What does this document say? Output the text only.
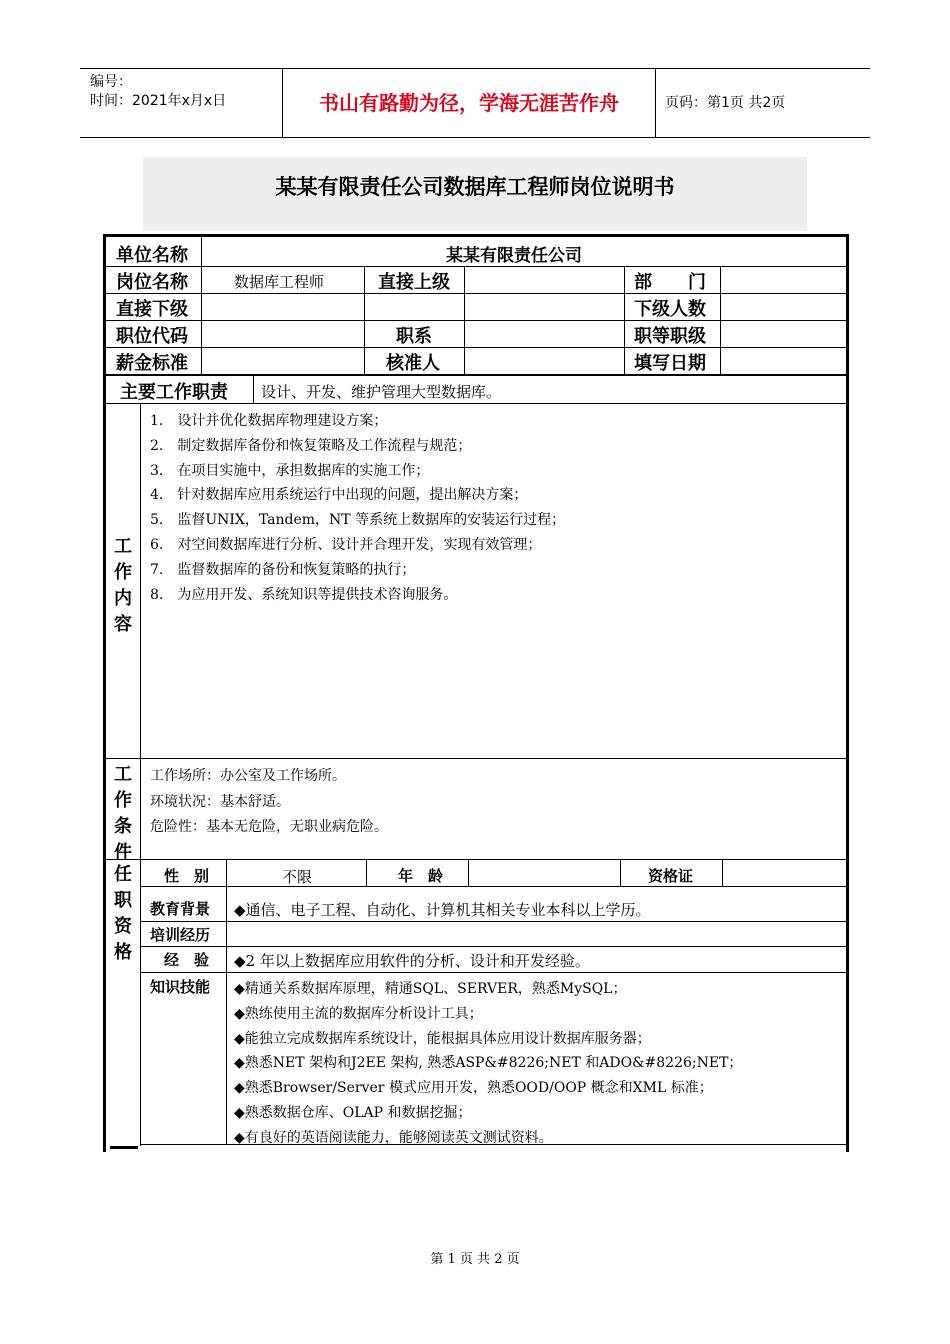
编号：
时间：2021年x月x日	书山有路勤为径，学海无涯苦作舟	页码：第1页 共2页
某某有限责任公司数据库工程师岗位说明书
单位名称	某某有限责任公司
岗位名称	数据库工程师	直接上级	部　　门
直接下级	下级人数
职位代码	职系	职等职级
薪金标准	核准人	填写日期
主要工作职责 设计、开发、维护管理大型数据库。
工
作
内
容
1.　设计并优化数据库物理建设方案；
2.　制定数据库备份和恢复策略及工作流程与规范；
3.　在项目实施中，承担数据库的实施工作；
4.　针对数据库应用系统运行中出现的问题，提出解决方案；
5.　监督UNIX，Tandem，NT 等系统上数据库的安装运行过程；
6.　对空间数据库进行分析、设计并合理开发，实现有效管理；
7.　监督数据库的备份和恢复策略的执行；
8.　为应用开发、系统知识等提供技术咨询服务。
工
作
条
件
工作场所：办公室及工作场所。
环境状况：基本舒适。
危险性：基本无危险，无职业病危险。
任
职
资
格
性　别	不限	年　龄	资格证
教育背景 ◆通信、电子工程、自动化、计算机其相关专业本科以上学历。
培训经历
经　验 ◆2 年以上数据库应用软件的分析、设计和开发经验。
知识技能 ◆精通关系数据库原理，精通SQL、SERVER，熟悉MySQL；
◆熟练使用主流的数据库分析设计工具；
◆能独立完成数据库系统设计，能根据具体应用设计数据库服务器；
◆熟悉NET 架构和J2EE 架构, 熟悉ASP&#8226;NET 和ADO&#8226;NET；
◆熟悉Browser/Server 模式应用开发，熟悉OOD/OOP 概念和XML 标准；
◆熟悉数据仓库、OLAP 和数据挖掘；
◆有良好的英语阅读能力，能够阅读英文测试资料。
第 1 页 共 2 页
